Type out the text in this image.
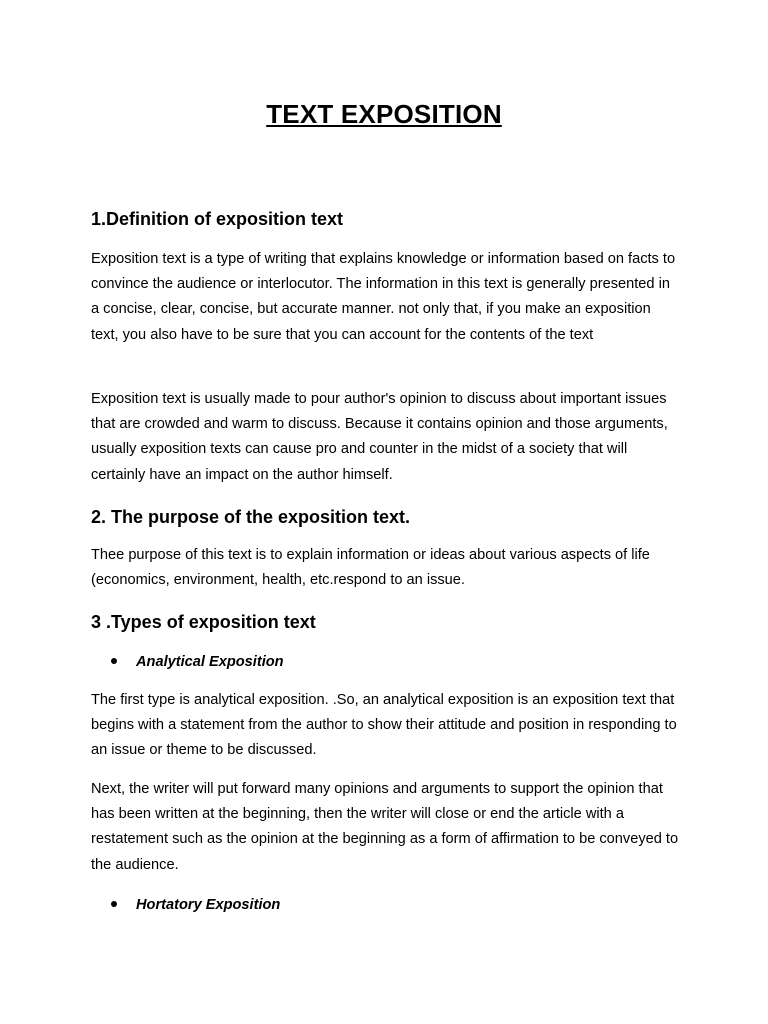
TEXT EXPOSITION
1.Definition of exposition text

Exposition text is a type of writing that explains knowledge or information based on facts to convince the audience or interlocutor. The information in this text is generally presented in a concise, clear, concise, but accurate manner. not only that, if you make an exposition text, you also have to be sure that you can account for the contents of the text

Exposition text is usually made to pour author's opinion to discuss about important issues that are crowded and warm to discuss. Because it contains opinion and those arguments, usually exposition texts can cause pro and counter in the midst of a society that will certainly have an impact on the author himself.

2. The purpose of the exposition text.

Thee purpose of this text is to explain information or ideas about various aspects of life (economics, environment, health, etc.respond to an issue.

3 .Types of exposition text

Analytical Exposition

The first type is analytical exposition. .So, an analytical exposition is an exposition text that begins with a statement from the author to show their attitude and position in responding to an issue or theme to be discussed.

Next, the writer will put forward many opinions and arguments to support the opinion that has been written at the beginning, then the writer will close or end the article with a restatement such as the opinion at the beginning as a form of affirmation to be conveyed to the audience.

Hortatory Exposition
